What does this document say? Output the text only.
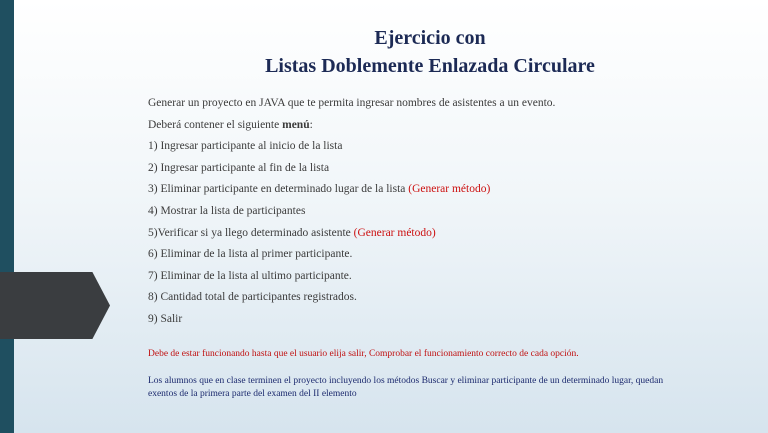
Ejercicio con
Listas Doblemente Enlazada Circulare
Generar un proyecto en JAVA que te permita ingresar nombres de asistentes a un evento.
Deberá contener el siguiente menú:
1) Ingresar participante al inicio de la lista
2) Ingresar participante al fin de la lista
3) Eliminar participante en determinado lugar de la lista (Generar método)
4) Mostrar la lista de participantes
5)Verificar si ya llego determinado asistente (Generar método)
6) Eliminar de la lista al primer participante.
7) Eliminar de la lista al ultimo participante.
8) Cantidad total de participantes registrados.
9) Salir
Debe de estar funcionando hasta que el usuario elija salir, Comprobar el funcionamiento correcto de cada opción.
Los alumnos que en clase terminen el proyecto incluyendo los métodos Buscar y eliminar participante de un determinado lugar, quedan exentos de la primera parte del examen del II elemento
